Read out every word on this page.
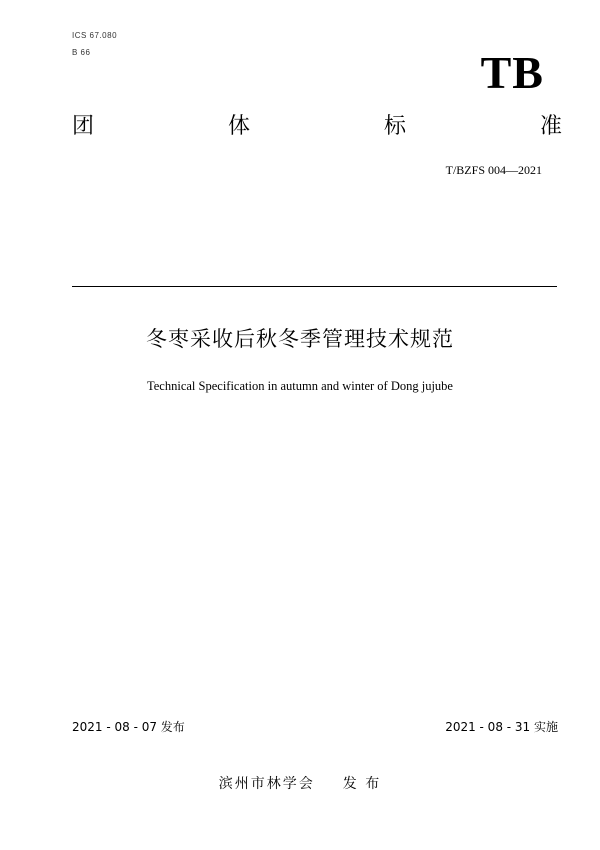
ICS 67.080
B 66	TB
团	体	标	准
T/BZFS 004—2021
冬枣采收后秋冬季管理技术规范
Technical Specification in autumn and winter of Dong jujube
2021 - 08 - 07 发布	2021 - 08 - 31 实施
滨州市林学会 发 布
